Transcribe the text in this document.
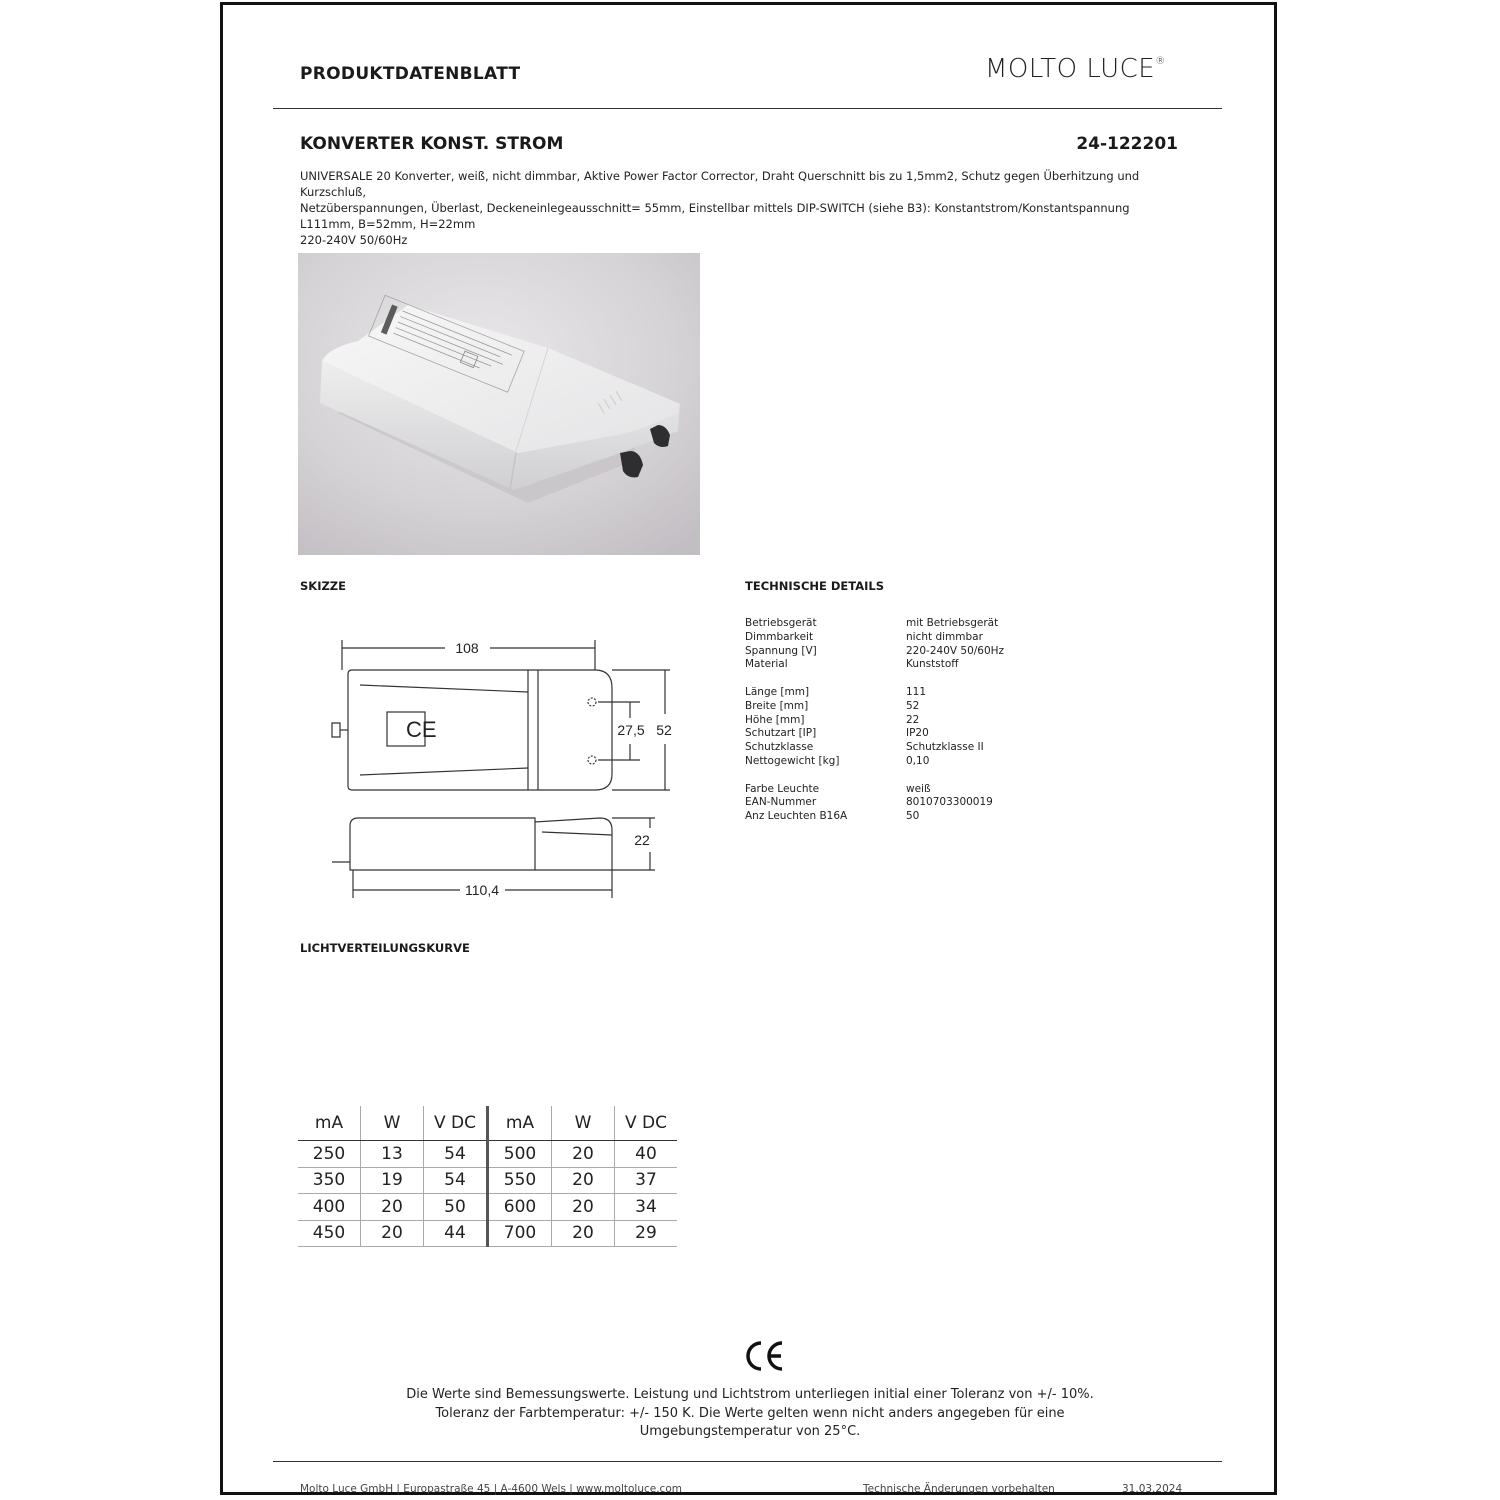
PRODUKTDATENBLATT	MOLTO LUCE®
KONVERTER KONST. STROM	24-122201
UNIVERSALE 20 Konverter, weiß, nicht dimmbar, Aktive Power Factor Corrector, Draht Querschnitt bis zu 1,5mm2, Schutz gegen Überhitzung und Kurzschluß,
Netzüberspannungen, Überlast, Deckeneinlegeausschnitt= 55mm, Einstellbar mittels DIP-SWITCH (siehe B3): Konstantstrom/Konstantspannung
L111mm, B=52mm, H=22mm
220-240V 50/60Hz
SKIZZE	TECHNISCHE DETAILS
CE
108
27,5 52
22
110,4
Betriebsgerät	mit Betriebsgerät
Dimmbarkeit	nicht dimmbar
Spannung [V]	220-240V 50/60Hz
Material	Kunststoff
Länge [mm]	111
Breite [mm]	52
Höhe [mm]	22
Schutzart [IP]	IP20
Schutzklasse	Schutzklasse II
Nettogewicht [kg]	0,10
Farbe Leuchte	weiß
EAN-Nummer	8010703300019
Anz Leuchten B16A	50
LICHTVERTEILUNGSKURVE
mA	W	V DC	mA	W	V DC
250	13	54	500	20	40
350	19	54	550	20	37
400	20	50	600	20	34
450	20	44	700	20	29
Die Werte sind Bemessungswerte. Leistung und Lichtstrom unterliegen initial einer Toleranz von +/- 10%.
Toleranz der Farbtemperatur: +/- 150 K. Die Werte gelten wenn nicht anders angegeben für eine
Umgebungstemperatur von 25°C.
Molto Luce GmbH | Europastraße 45 | A-4600 Wels | www.moltoluce.com	Technische Änderungen vorbehalten	31.03.2024
